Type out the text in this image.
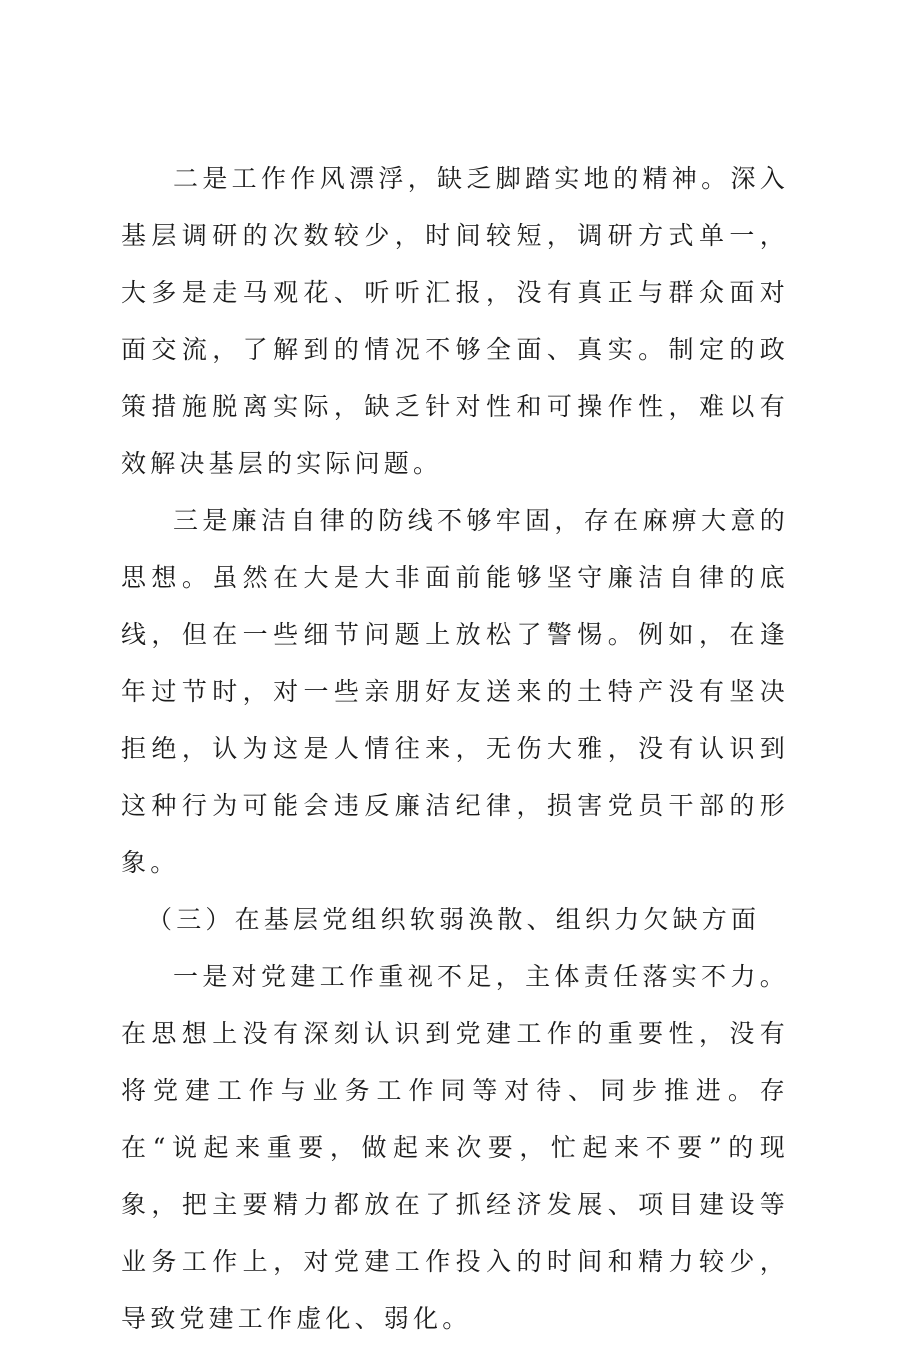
二是工作作风漂浮，缺乏脚踏实地的精神。深入基层调研的次数较少，时间较短，调研方式单一，大多是走马观花、听听汇报，没有真正与群众面对面交流，了解到的情况不够全面、真实。制定的政策措施脱离实际，缺乏针对性和可操作性，难以有效解决基层的实际问题。

三是廉洁自律的防线不够牢固，存在麻痹大意的思想。虽然在大是大非面前能够坚守廉洁自律的底线，但在一些细节问题上放松了警惕。例如，在逢年过节时，对一些亲朋好友送来的土特产没有坚决拒绝，认为这是人情往来，无伤大雅，没有认识到这种行为可能会违反廉洁纪律，损害党员干部的形象。

（三）在基层党组织软弱涣散、组织力欠缺方面

一是对党建工作重视不足，主体责任落实不力。在思想上没有深刻认识到党建工作的重要性，没有将党建工作与业务工作同等对待、同步推进。存在“说起来重要，做起来次要，忙起来不要”的现象，把主要精力都放在了抓经济发展、项目建设等业务工作上，对党建工作投入的时间和精力较少，导致党建工作虚化、弱化。
